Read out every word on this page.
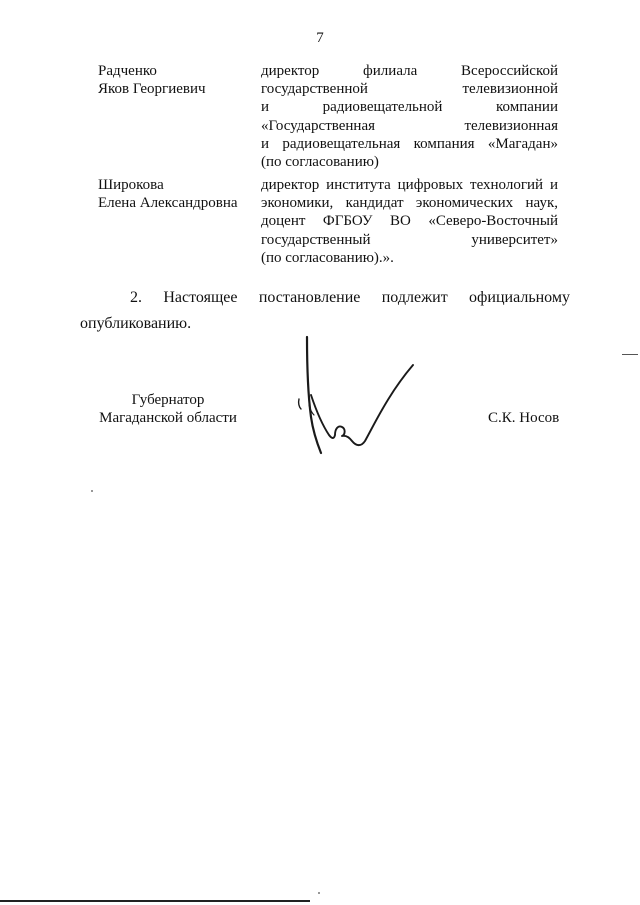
7
Радченко
Яков Георгиевич
директор филиала Всероссийской
государственной телевизионной
и радиовещательной компании
«Государственная телевизионная
и радиовещательная компания «Магадан»
(по согласованию)
Широкова
Елена Александровна
директор института цифровых технологий и
экономики, кандидат экономических наук,
доцент ФГБОУ ВО «Северо-Восточный
государственный университет»
(по согласованию).».
2. Настоящее постановление подлежит официальному
опубликованию.
Губернатор
Магаданской области	С.К. Носов
